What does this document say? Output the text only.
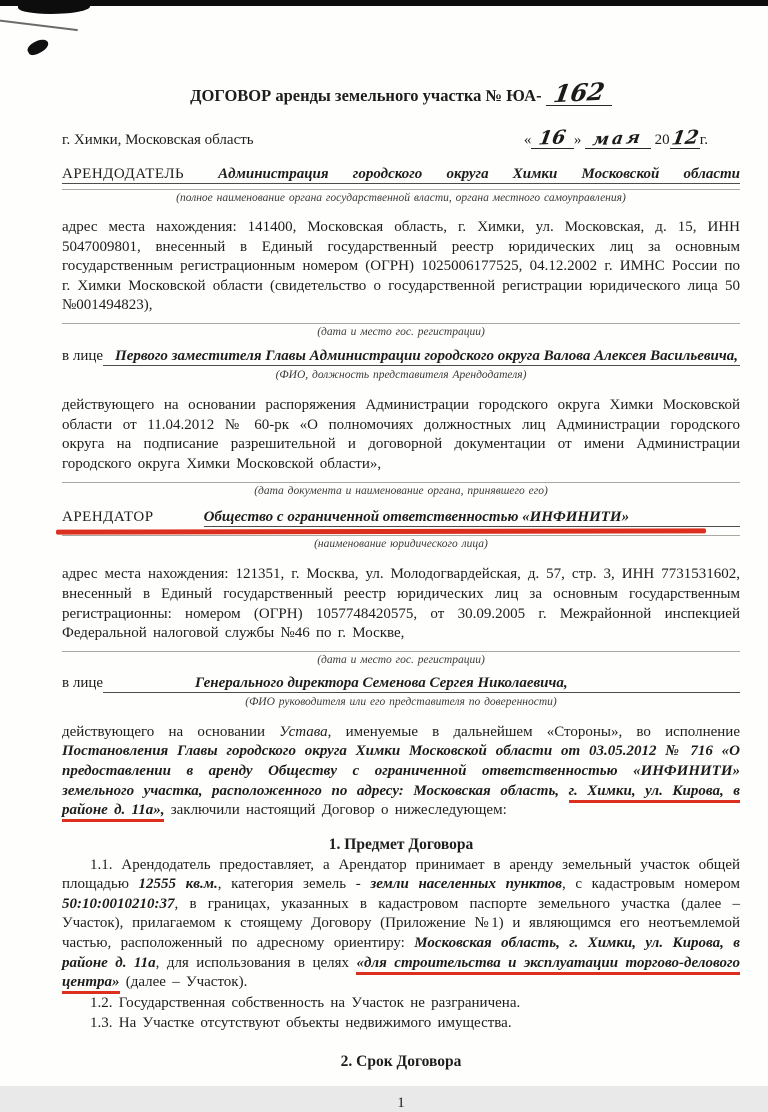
ДОГОВОР аренды земельного участка № ЮА- 162
г. Химки, Московская область	« 16 » мая 2012 г.
АРЕНДОДАТЕЛЬ	Администрация городского округа Химки Московской области
(полное наименование органа государственной власти, органа местного самоуправления)

адрес места нахождения: 141400, Московская область, г. Химки, ул. Московская, д. 15, ИНН 5047009801, внесенный в Единый государственный реестр юридических лиц за основным государственным регистрационным номером (ОГРН) 1025006177525, 04.12.2002 г. ИМНС России по г. Химки Московской области (свидетельство о государственной регистрации юридического лица 50 №001494823),

(дата и место гос. регистрации)
в лице Первого заместителя Главы Администрации городского округа Валова Алексея Васильевича,
(ФИО, должность представителя Арендодателя)

действующего на основании распоряжения Администрации городского округа Химки Московской области от 11.04.2012 № 60-рк «О полномочиях должностных лиц Администрации городского округа на подписание разрешительной и договорной документации от имени Администрации городского округа Химки Московской области»,

(дата документа и наименование органа, принявшего его)
АРЕНДАТОР	Общество с ограниченной ответственностью «ИНФИНИТИ»
(наименование юридического лица)

адрес места нахождения: 121351, г. Москва, ул. Молодогвардейская, д. 57, стр. 3, ИНН 7731531602, внесенный в Единый государственный реестр юридических лиц за основным государственным регистрационны: номером (ОГРН) 1057748420575, от 30.09.2005 г. Межрайонной инспекцией Федеральной налоговой службы №46 по г. Москве,

(дата и место гос. регистрации)
в лице	Генерального директора Семенова Сергея Николаевича,
(ФИО руководителя или его представителя по доверенности)

действующего на основании Устава, именуемые в дальнейшем «Стороны», во исполнение Постановления Главы городского округа Химки Московской области от 03.05.2012 № 716 «О предоставлении в аренду Обществу с ограниченной ответственностью «ИНФИНИТИ» земельного участка, расположенного по адресу: Московская область, г. Химки, ул. Кирова, в районе д. 11а», заключили настоящий Договор о нижеследующем:

1. Предмет Договора

1.1. Арендодатель предоставляет, а Арендатор принимает в аренду земельный участок общей площадью 12555 кв.м., категория земель - земли населенных пунктов, с кадастровым номером 50:10:0010210:37, в границах, указанных в кадастровом паспорте земельного участка (далее – Участок), прилагаемом к стоящему Договору (Приложение №1) и являющимся его неотъемлемой частью, расположенный по адресному ориентиру: Московская область, г. Химки, ул. Кирова, в районе д. 11а, для использования в целях «для строительства и эксплуатации торгово-делового центра» (далее – Участок).

1.2. Государственная собственность на Участок не разграничена.

1.3. На Участке отсутствуют объекты недвижимого имущества.

2. Срок Договора
1
